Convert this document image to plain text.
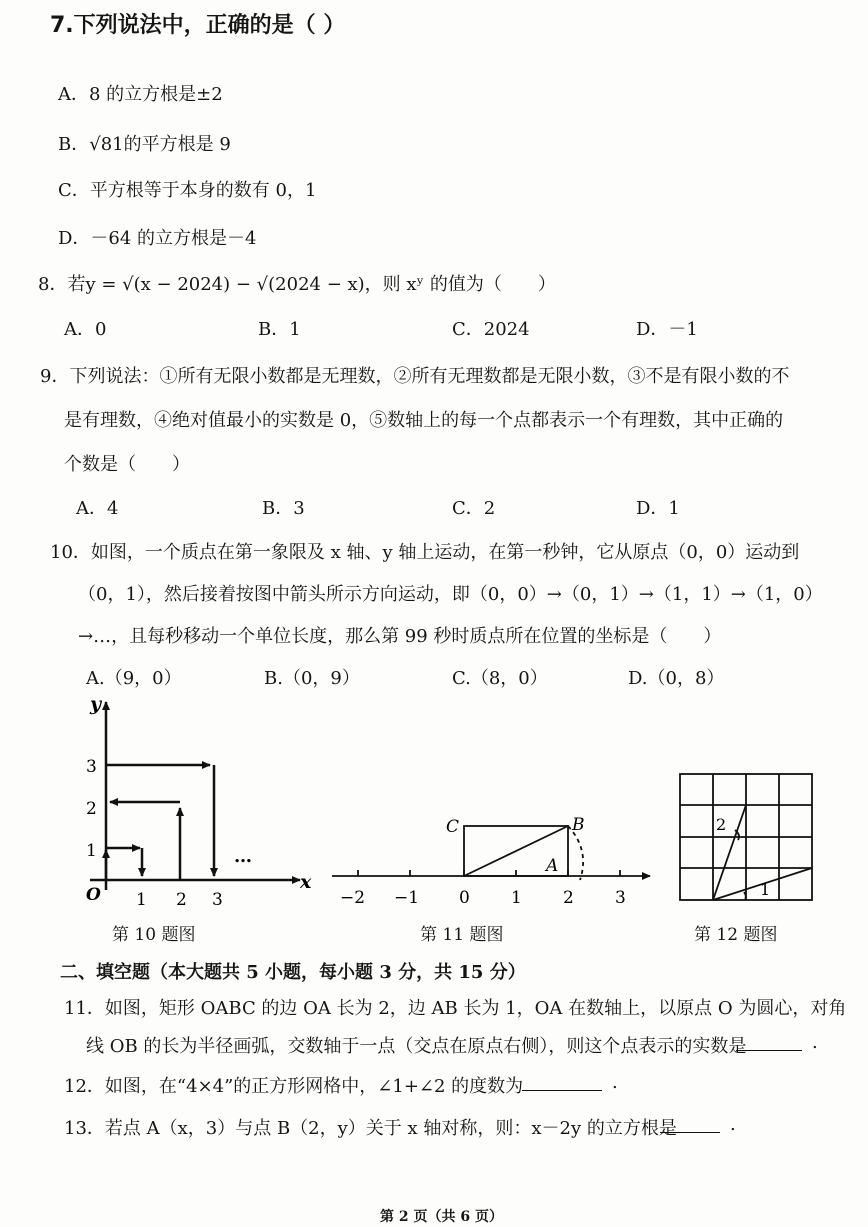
7.下列说法中，正确的是（ ）
A．8 的立方根是±2
B．√81的平方根是 9
C．平方根等于本身的数有 0，1
D．－64 的立方根是－4
8．若y = √(x − 2024) − √(2024 − x)，则 xʸ 的值为（　　）
A．0	B．1	C．2024	D．－1
9．下列说法：①所有无限小数都是无理数，②所有无理数都是无限小数，③不是有限小数的不
是有理数，④绝对值最小的实数是 0，⑤数轴上的每一个点都表示一个有理数，其中正确的
个数是（　　）
A．4	B．3	C．2	D．1
10．如图，一个质点在第一象限及 x 轴、y 轴上运动，在第一秒钟，它从原点（0，0）运动到
（0，1），然后接着按图中箭头所示方向运动，即（0，0）→（0，1）→（1，1）→（1，0）
→…，且每秒移动一个单位长度，那么第 99 秒时质点所在位置的坐标是（　　）
A.（9，0）	B.（0，9）	C.（8，0）	D.（0，8）
y
x
O 1 2 3
1
2
3
…
−2 −1 0 1 2 3
C	B
A
1
2
第 10 题图	第 11 题图	第 12 题图
二、填空题（本大题共 5 小题，每小题 3 分，共 15 分）
11．如图，矩形 OABC 的边 OA 长为 2，边 AB 长为 1，OA 在数轴上，以原点 O 为圆心，对角
线 OB 的长为半径画弧，交数轴于一点（交点在原点右侧），则这个点表示的实数是	.
12．如图，在“4×4”的正方形网格中，∠1+∠2 的度数为	.
13．若点 A（x，3）与点 B（2，y）关于 x 轴对称，则：x－2y 的立方根是	.
第 2 页（共 6 页）
